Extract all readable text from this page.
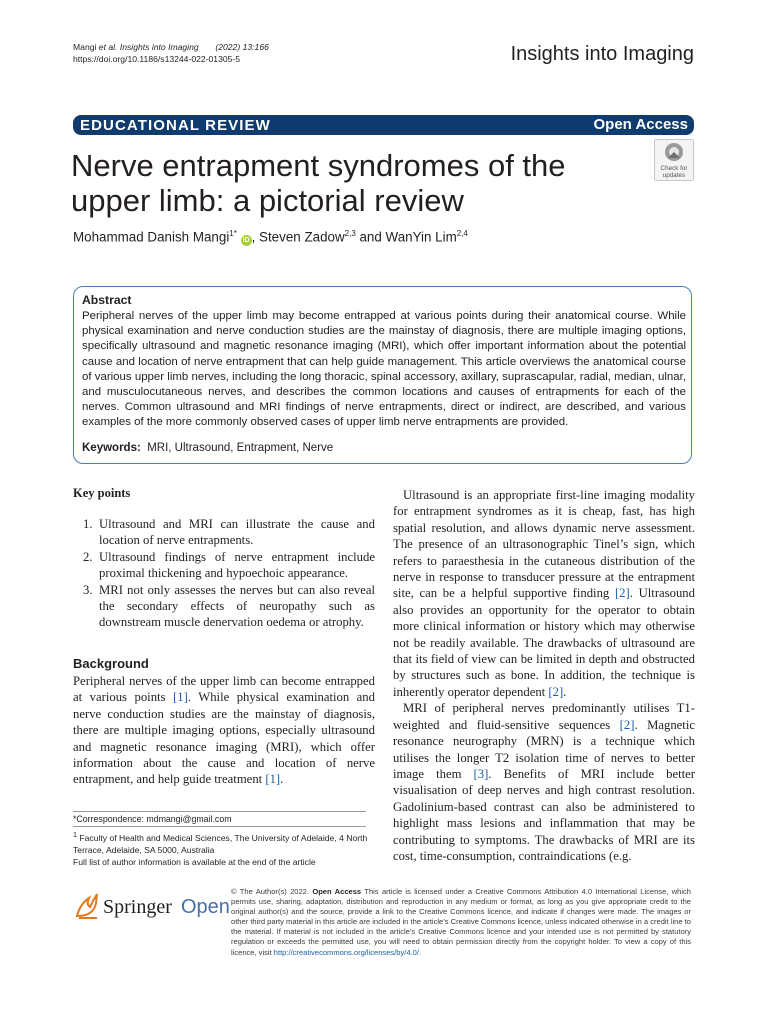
Mangi et al. Insights into Imaging (2022) 13:166
https://doi.org/10.1186/s13244-022-01305-5	Insights into Imaging
EDUCATIONAL REVIEW	Open Access
Nerve entrapment syndromes of the upper limb: a pictorial review
Check for
updates
Mohammad Danish Mangi$^{1*}$ iD , Steven Zadow$^{2,3}$ and WanYin Lim$^{2,4}$
Abstract

Peripheral nerves of the upper limb may become entrapped at various points during their anatomical course. While physical examination and nerve conduction studies are the mainstay of diagnosis, there are multiple imaging options, specifically ultrasound and magnetic resonance imaging (MRI), which offer important information about the potential cause and location of nerve entrapment that can help guide management. This article overviews the anatomical course of various upper limb nerves, including the long thoracic, spinal accessory, axillary, suprascapular, radial, median, ulnar, and musculocutaneous nerves, and describes the common locations and causes of entrapments for each of the nerves. Common ultrasound and MRI findings of nerve entrapments, direct or indirect, are described, and various examples of the more commonly observed cases of upper limb nerve entrapments are provided.

Keywords: MRI, Ultrasound, Entrapment, Nerve
Key points
1. Ultrasound and MRI can illustrate the cause and location of nerve entrapments.
2. Ultrasound findings of nerve entrapment include proximal thickening and hypoechoic appearance.
3. MRI not only assesses the nerves but can also reveal the secondary effects of neuropathy such as downstream muscle denervation oedema or atrophy.
Background

Peripheral nerves of the upper limb can become entrapped at various points [1]. While physical examination and nerve conduction studies are the mainstay of diagnosis, there are multiple imaging options, especially ultrasound and magnetic resonance imaging (MRI), which offer information about the cause and location of nerve entrapment, and help guide treatment [1].

*Correspondence: mdmangi@gmail.com
$^1$ Faculty of Health and Medical Sciences, The University of Adelaide, 4 North Terrace, Adelaide, SA 5000, Australia
Full list of author information is available at the end of the article

Ultrasound is an appropriate first-line imaging modality for entrapment syndromes as it is cheap, fast, has high spatial resolution, and allows dynamic nerve assessment. The presence of an ultrasonographic Tinel’s sign, which refers to paraesthesia in the cutaneous distribution of the nerve in response to transducer pressure at the entrapment site, can be a helpful supportive finding [2]. Ultrasound also provides an opportunity for the operator to obtain more clinical information or history which may otherwise not be readily available. The drawbacks of ultrasound are that its field of view can be limited in depth and obstructed by structures such as bone. In addition, the technique is inherently operator dependent [2].

MRI of peripheral nerves predominantly utilises T1-weighted and fluid-sensitive sequences [2]. Magnetic resonance neurography (MRN) is a technique which utilises the longer T2 isolation time of nerves to better image them [3]. Benefits of MRI include better visualisation of deep nerves and high contrast resolution. Gadolinium-based contrast can also be administered to highlight mass lesions and inflammation that may be contributing to symptoms. The drawbacks of MRI are its cost, time-consumption, contraindications (e.g.

Springer Open
© The Author(s) 2022. Open Access This article is licensed under a Creative Commons Attribution 4.0 International License, which permits use, sharing, adaptation, distribution and reproduction in any medium or format, as long as you give appropriate credit to the original author(s) and the source, provide a link to the Creative Commons licence, and indicate if changes were made. The images or other third party material in this article are included in the article’s Creative Commons licence, unless indicated otherwise in a credit line to the material. If material is not included in the article’s Creative Commons licence and your intended use is not permitted by statutory regulation or exceeds the permitted use, you will need to obtain permission directly from the copyright holder. To view a copy of this licence, visit http://creativecommons.org/licenses/by/4.0/.
